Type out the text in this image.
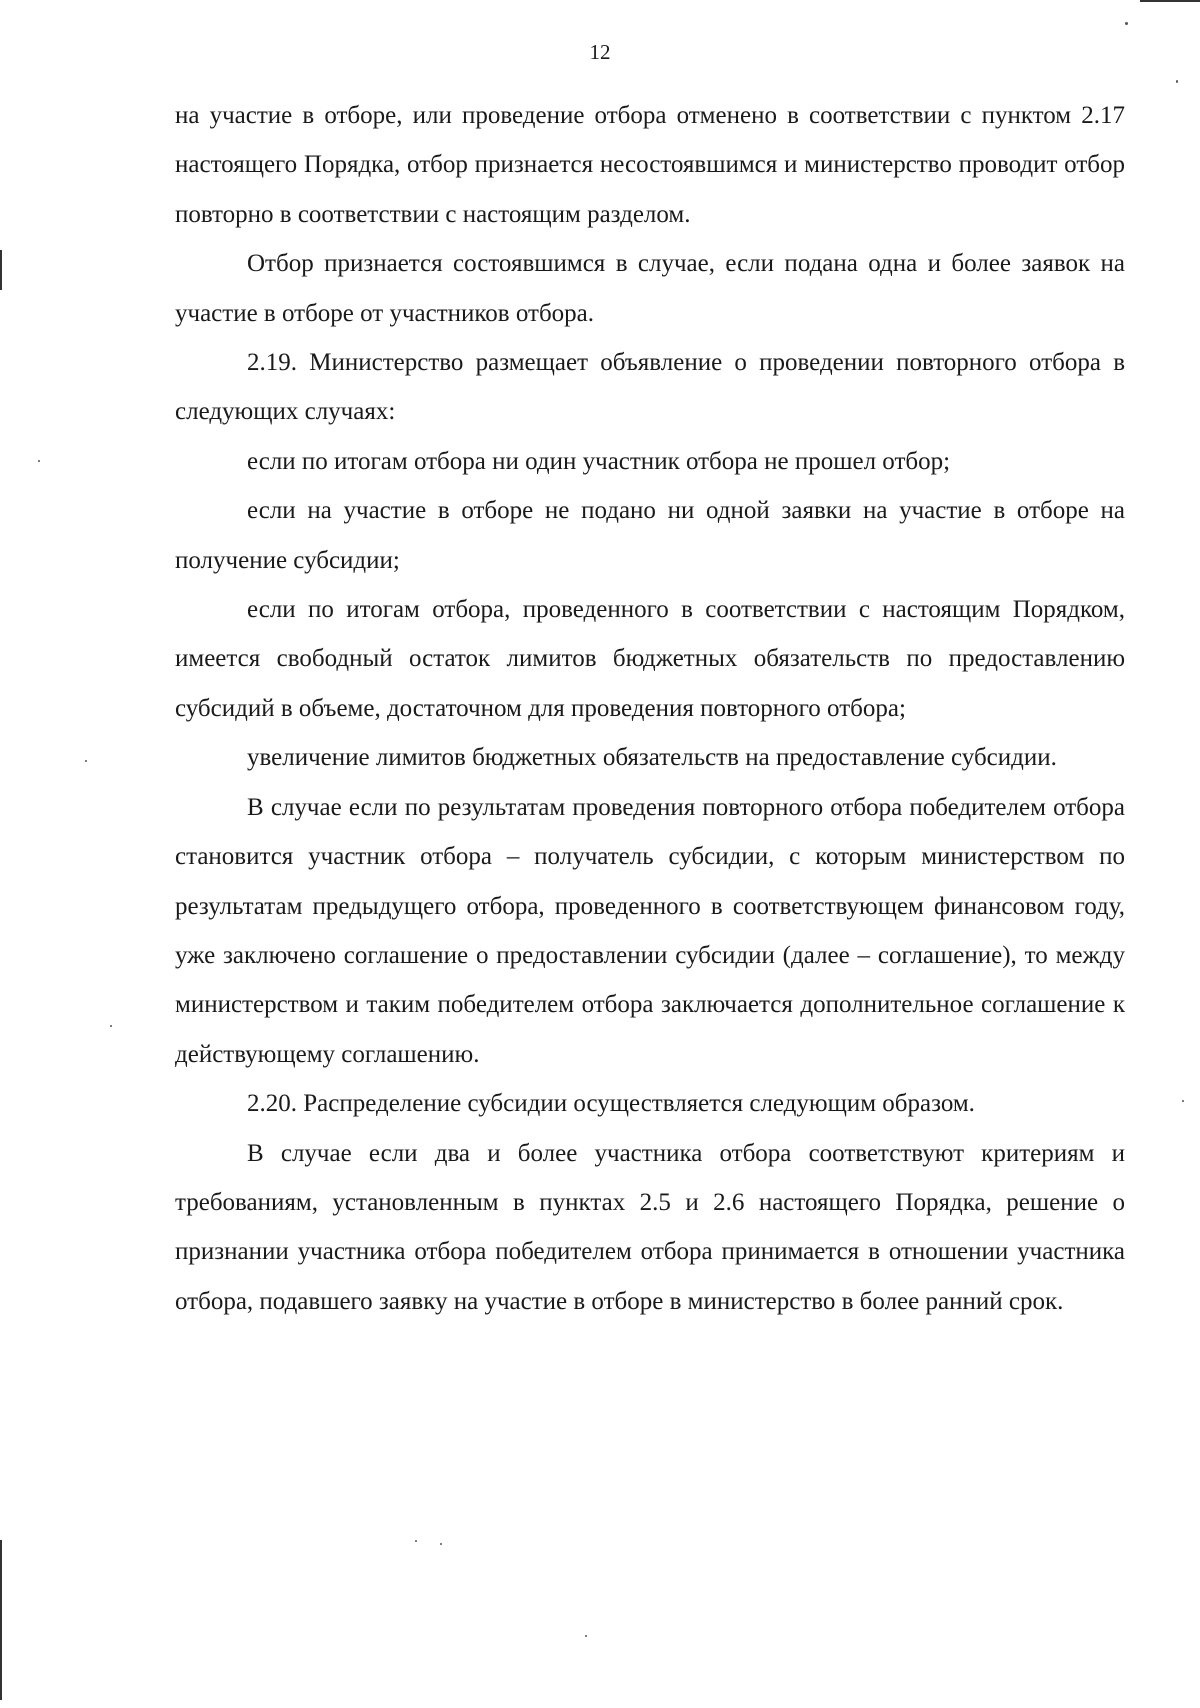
12

на участие в отборе, или проведение отбора отменено в соответствии с пунктом 2.17 настоящего Порядка, отбор признается несостоявшимся и министерство проводит отбор повторно в соответствии с настоящим разделом.

Отбор признается состоявшимся в случае, если подана одна и более заявок на участие в отборе от участников отбора.

2.19. Министерство размещает объявление о проведении повторного отбора в следующих случаях:

если по итогам отбора ни один участник отбора не прошел отбор;

если на участие в отборе не подано ни одной заявки на участие в отборе на получение субсидии;

если по итогам отбора, проведенного в соответствии с настоящим Порядком, имеется свободный остаток лимитов бюджетных обязательств по предоставлению субсидий в объеме, достаточном для проведения повторного отбора;

увеличение лимитов бюджетных обязательств на предоставление субсидии.

В случае если по результатам проведения повторного отбора победителем отбора становится участник отбора – получатель субсидии, с которым министерством по результатам предыдущего отбора, проведенного в соответствующем финансовом году, уже заключено соглашение о предоставлении субсидии (далее – соглашение), то между министерством и таким победителем отбора заключается дополнительное соглашение к действующему соглашению.

2.20. Распределение субсидии осуществляется следующим образом.

В случае если два и более участника отбора соответствуют критериям и требованиям, установленным в пунктах 2.5 и 2.6 настоящего Порядка, решение о признании участника отбора победителем отбора принимается в отношении участника отбора, подавшего заявку на участие в отборе в министерство в более ранний срок.
